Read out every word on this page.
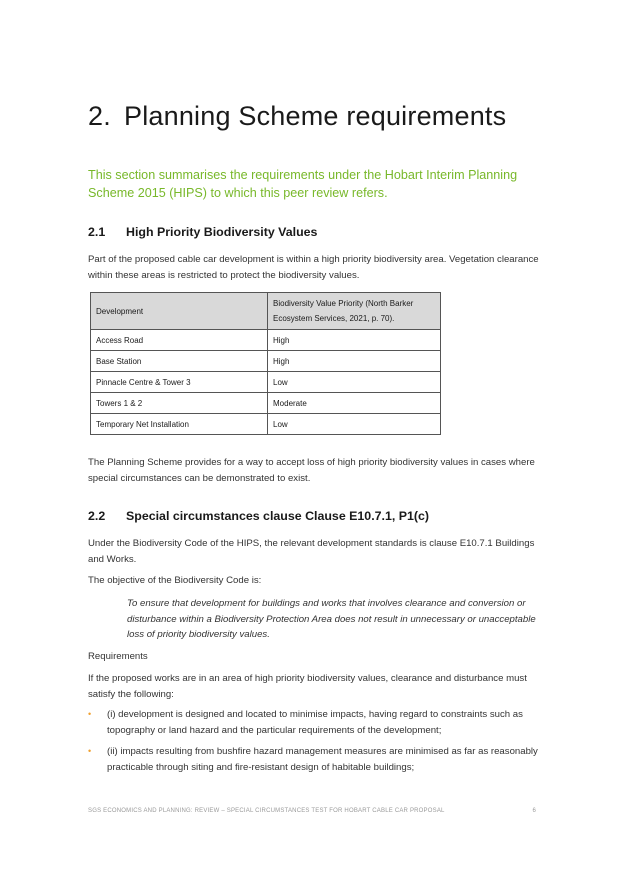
2. Planning Scheme requirements

This section summarises the requirements under the Hobart Interim Planning Scheme 2015 (HIPS) to which this peer review refers.

2.1 High Priority Biodiversity Values

Part of the proposed cable car development is within a high priority biodiversity area. Vegetation clearance within these areas is restricted to protect the biodiversity values.

Development	Biodiversity Value Priority (North Barker Ecosystem Services, 2021, p. 70).
Access Road	High
Base Station	High
Pinnacle Centre & Tower 3	Low
Towers 1 & 2	Moderate
Temporary Net Installation	Low

The Planning Scheme provides for a way to accept loss of high priority biodiversity values in cases where special circumstances can be demonstrated to exist.

2.2 Special circumstances clause Clause E10.7.1, P1(c)

Under the Biodiversity Code of the HIPS, the relevant development standards is clause E10.7.1 Buildings and Works.

The objective of the Biodiversity Code is:

To ensure that development for buildings and works that involves clearance and conversion or disturbance within a Biodiversity Protection Area does not result in unnecessary or unacceptable loss of priority biodiversity values.

Requirements

If the proposed works are in an area of high priority biodiversity values, clearance and disturbance must satisfy the following:

• (i) development is designed and located to minimise impacts, having regard to constraints such as topography or land hazard and the particular requirements of the development;
• (ii) impacts resulting from bushfire hazard management measures are minimised as far as reasonably practicable through siting and fire-resistant design of habitable buildings;
SGS ECONOMICS AND PLANNING: REVIEW – SPECIAL CIRCUMSTANCES TEST FOR HOBART CABLE CAR PROPOSAL	6
